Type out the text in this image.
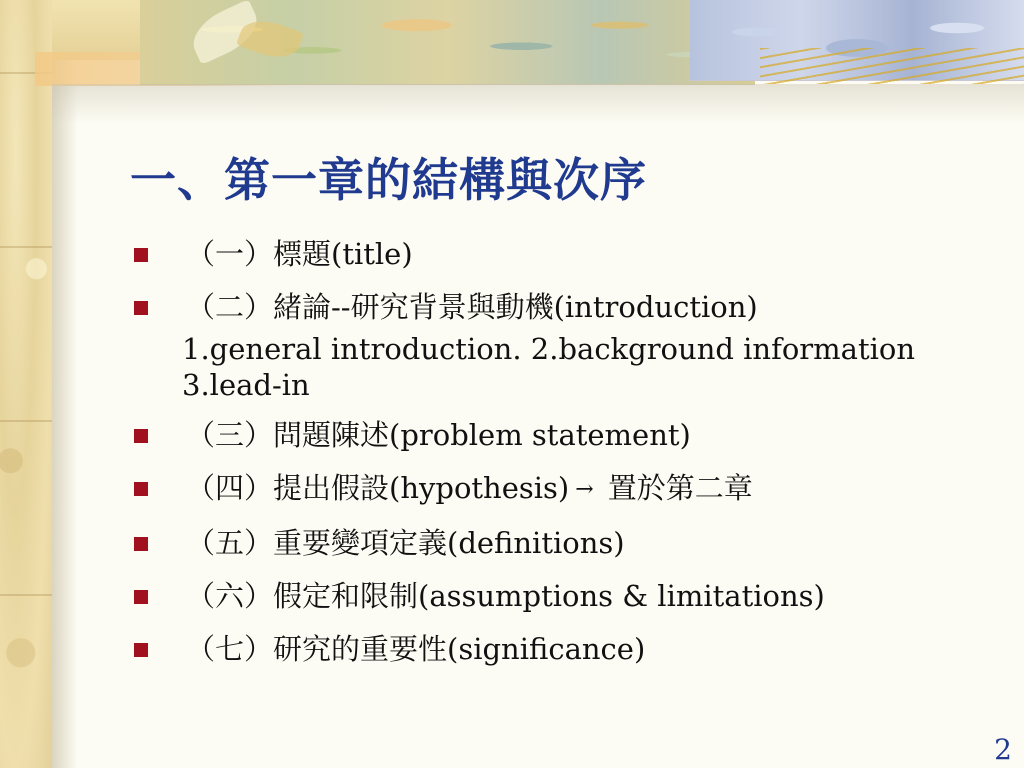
一、第一章的結構與次序
（一）標題(title)
（二）緒論--研究背景與動機(introduction)
1.general introduction. 2.background information
3.lead-in
（三）問題陳述(problem statement)
（四）提出假設(hypothesis) → 置於第二章
（五）重要變項定義(definitions)
（六）假定和限制(assumptions & limitations)
（七）研究的重要性(significance)
2
